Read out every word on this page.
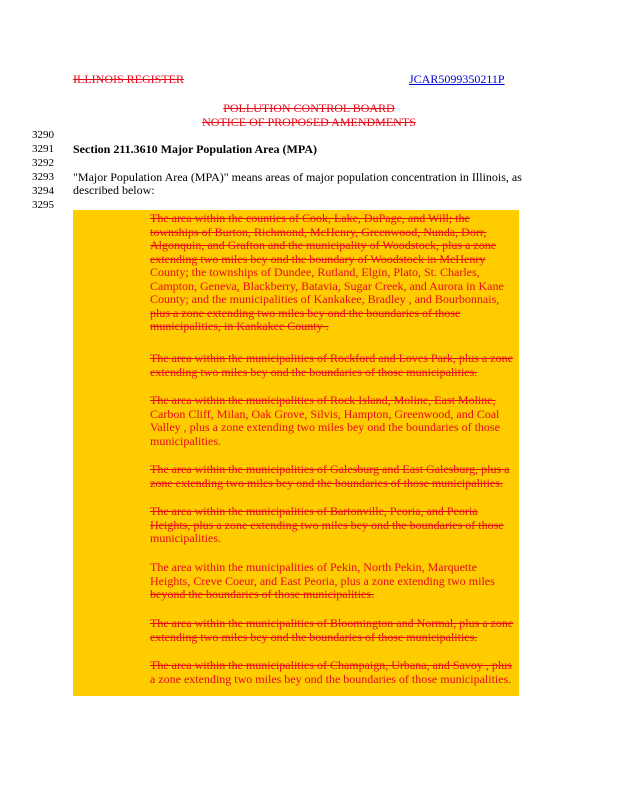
ILLINOIS REGISTER	JCAR5099350211P
POLLUTION CONTROL BOARD
NOTICE OF PROPOSED AMENDMENTS
3290
3291
3292
3293
3294
3295
Section 211.3610 Major Population Area (MPA)
"Major Population Area (MPA)" means areas of major population concentration in Illinois, as
described below:
The area within the counties of Cook, Lake, DuPage, and Will; the
townships of Burton, Richmond, McHenry, Greenwood, Nunda, Dorr,
Algonquin, and Grafton and the municipality of Woodstock, plus a zone
extending two miles bey ond the boundary of Woodstock in McHenry
County; the townships of Dundee, Rutland, Elgin, Plato, St. Charles,
Campton, Geneva, Blackberry, Batavia, Sugar Creek, and Aurora in Kane
County; and the municipalities of Kankakee, Bradley , and Bourbonnais,
plus a zone extending two miles bey ond the boundaries of those
municipalities, in Kankakee County .
The area within the municipalities of Rockford and Loves Park, plus a zone
extending two miles bey ond the boundaries of those municipalities.
The area within the municipalities of Rock Island, Moline, East Moline,
Carbon Cliff, Milan, Oak Grove, Silvis, Hampton, Greenwood, and Coal
Valley , plus a zone extending two miles bey ond the boundaries of those
municipalities.
The area within the municipalities of Galesburg and East Galesburg, plus a
zone extending two miles bey ond the boundaries of those municipalities.
The area within the municipalities of Bartonville, Peoria, and Peoria
Heights, plus a zone extending two miles bey ond the boundaries of those
municipalities.
The area within the municipalities of Pekin, North Pekin, Marquette
Heights, Creve Coeur, and East Peoria, plus a zone extending two miles
beyond the boundaries of those municipalities.
The area within the municipalities of Bloomington and Normal, plus a zone
extending two miles bey ond the boundaries of those municipalities.
The area within the municipalities of Champaign, Urbana, and Savoy , plus
a zone extending two miles bey ond the boundaries of those municipalities.
